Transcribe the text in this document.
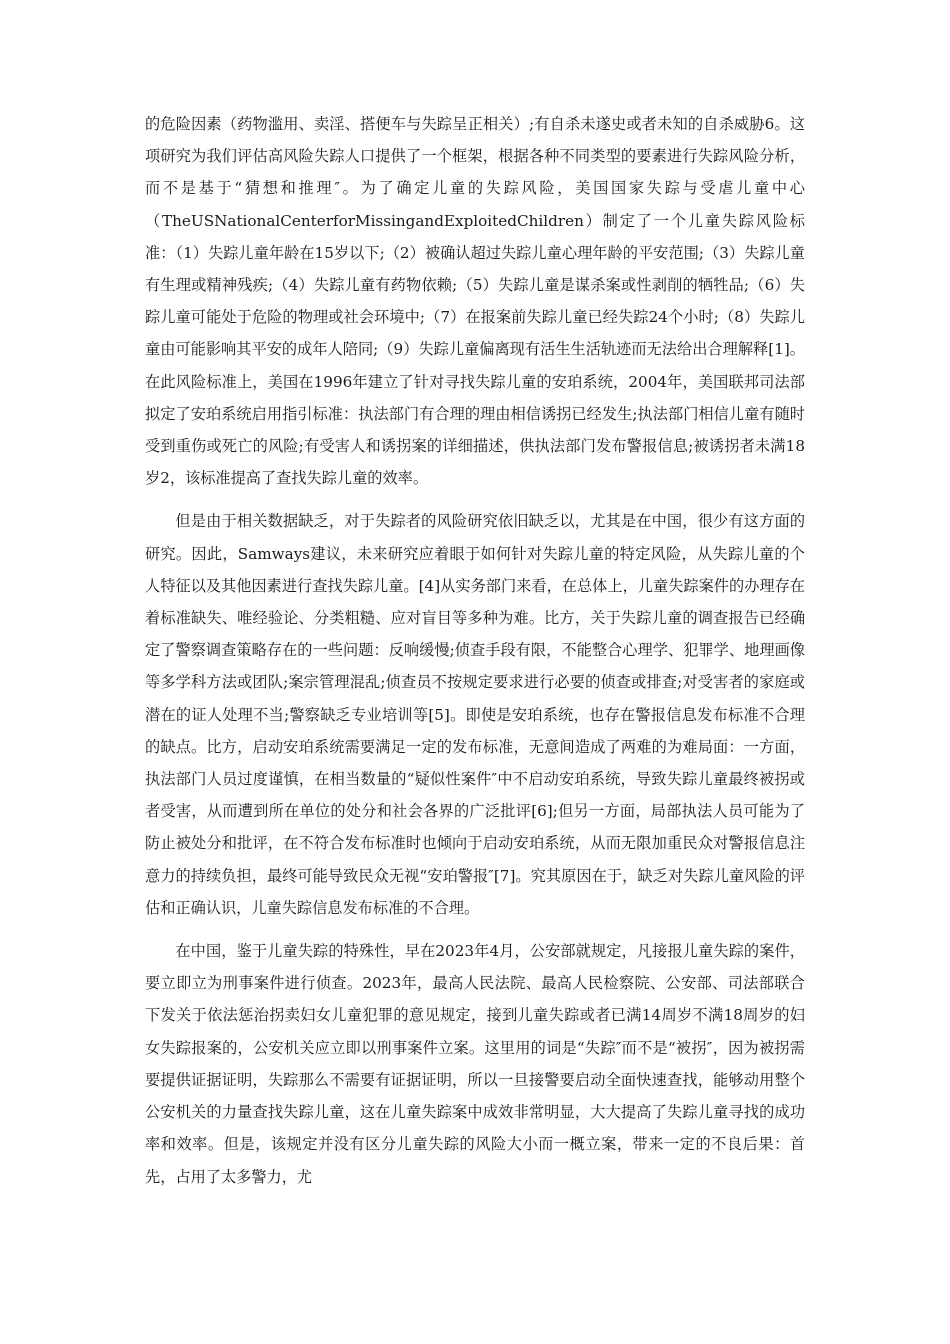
的危险因素（药物滥用、卖淫、搭便车与失踪呈正相关）;有自杀未遂史或者未知的自杀威胁6。这项研究为我们评估高风险失踪人口提供了一个框架，根据各种不同类型的要素进行失踪风险分析，而不是基于“猜想和推理″。为了确定儿童的失踪风险，美国国家失踪与受虐儿童中心（TheUSNationalCenterforMissingandExploitedChildren）制定了一个儿童失踪风险标准：（1）失踪儿童年龄在15岁以下;（2）被确认超过失踪儿童心理年龄的平安范围;（3）失踪儿童有生理或精神残疾;（4）失踪儿童有药物依赖;（5）失踪儿童是谋杀案或性剥削的牺牲品;（6）失踪儿童可能处于危险的物理或社会环境中;（7）在报案前失踪儿童已经失踪24个小时;（8）失踪儿童由可能影响其平安的成年人陪同;（9）失踪儿童偏离现有活生生活轨迹而无法给出合理解释[1]。在此风险标准上，美国在1996年建立了针对寻找失踪儿童的安珀系统，2004年，美国联邦司法部拟定了安珀系统启用指引标准：执法部门有合理的理由相信诱拐已经发生;执法部门相信儿童有随时受到重伤或死亡的风险;有受害人和诱拐案的详细描述，供执法部门发布警报信息;被诱拐者未满18岁2，该标准提高了查找失踪儿童的效率。

但是由于相关数据缺乏，对于失踪者的风险研究依旧缺乏以，尤其是在中国，很少有这方面的研究。因此，Samways建议，未来研究应着眼于如何针对失踪儿童的特定风险，从失踪儿童的个人特征以及其他因素进行查找失踪儿童。[4]从实务部门来看，在总体上，儿童失踪案件的办理存在着标准缺失、唯经验论、分类粗糙、应对盲目等多种为难。比方，关于失踪儿童的调查报告已经确定了警察调查策略存在的一些问题：反响缓慢;侦查手段有限，不能整合心理学、犯罪学、地理画像等多学科方法或团队;案宗管理混乱;侦查员不按规定要求进行必要的侦查或排查;对受害者的家庭或潜在的证人处理不当;警察缺乏专业培训等[5]。即使是安珀系统，也存在警报信息发布标准不合理的缺点。比方，启动安珀系统需要满足一定的发布标准，无意间造成了两难的为难局面：一方面，执法部门人员过度谨慎，在相当数量的“疑似性案件″中不启动安珀系统，导致失踪儿童最终被拐或者受害，从而遭到所在单位的处分和社会各界的广泛批评[6];但另一方面，局部执法人员可能为了防止被处分和批评，在不符合发布标准时也倾向于启动安珀系统，从而无限加重民众对警报信息注意力的持续负担，最终可能导致民众无视“安珀警报″[7]。究其原因在于，缺乏对失踪儿童风险的评估和正确认识，儿童失踪信息发布标准的不合理。

在中国，鉴于儿童失踪的特殊性，早在2023年4月，公安部就规定，凡接报儿童失踪的案件，要立即立为刑事案件进行侦查。2023年，最高人民法院、最高人民检察院、公安部、司法部联合下发关于依法惩治拐卖妇女儿童犯罪的意见规定，接到儿童失踪或者已满14周岁不满18周岁的妇女失踪报案的，公安机关应立即以刑事案件立案。这里用的词是“失踪″而不是“被拐″，因为被拐需要提供证据证明，失踪那么不需要有证据证明，所以一旦接警要启动全面快速查找，能够动用整个公安机关的力量查找失踪儿童，这在儿童失踪案中成效非常明显，大大提高了失踪儿童寻找的成功率和效率。但是，该规定并没有区分儿童失踪的风险大小而一概立案，带来一定的不良后果：首先，占用了太多警力，尤
